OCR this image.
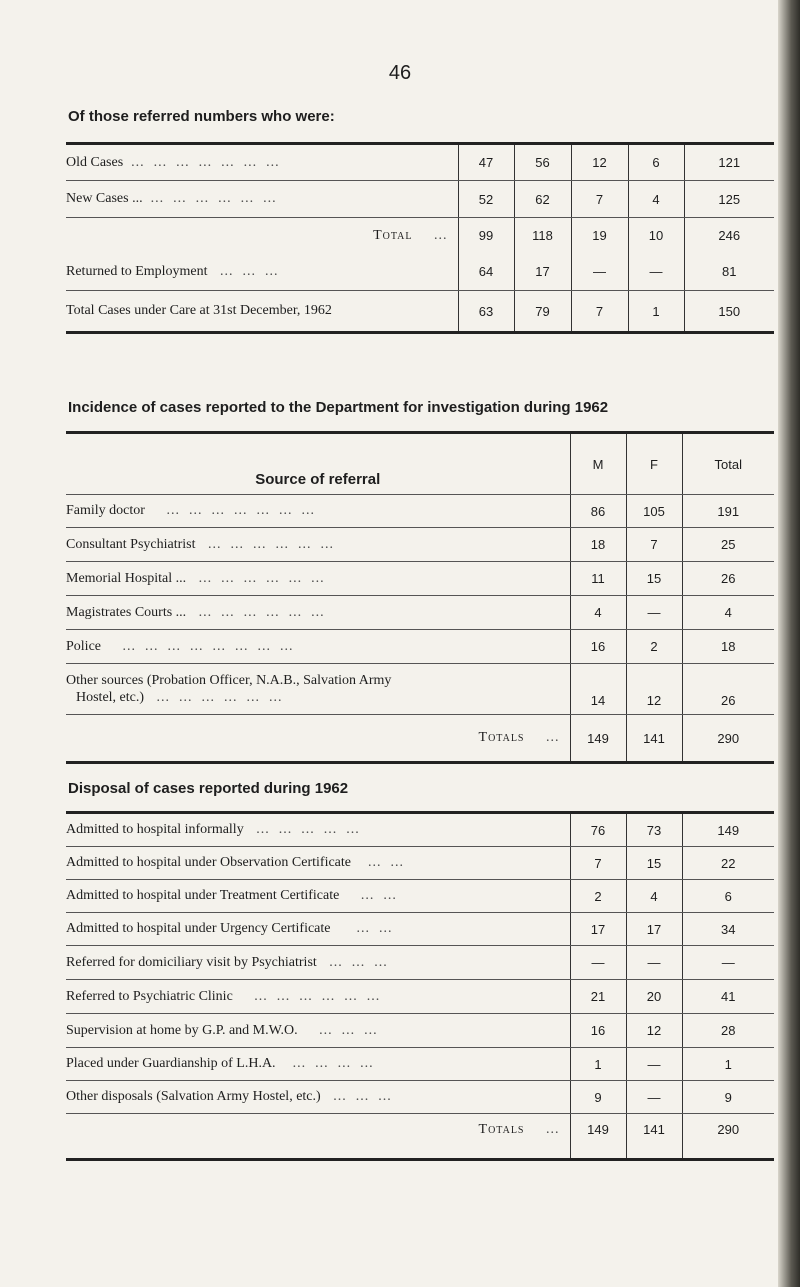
46
Of those referred numbers who were:
Old Cases  ...  ...  ...  ...  ...  ...  ...	47	56	12	6	121
New Cases ...  ...  ...  ...  ...  ...  ...	52	62	7	4	125
Total     ...	99	118	19	10	246
Returned to Employment   ...  ...  ...	64	17	—	—	81
Total Cases under Care at 31st December, 1962	63	79	7	1	150
Incidence of cases reported to the Department for investigation during 1962
Source of referral	M	F	Total
Family doctor     ...  ...  ...  ...  ...  ...  ...	86	105	191
Consultant Psychiatrist   ...  ...  ...  ...  ...  ...	18	7	25
Memorial Hospital ...   ...  ...  ...  ...  ...  ...	11	15	26
Magistrates Courts ...   ...  ...  ...  ...  ...  ...	4	—	4
Police     ...  ...  ...  ...  ...  ...  ...  ...	16	2	18

Other sources (Probation Officer, N.A.B., Salvation Army
Hostel, etc.)   ...  ...  ...  ...  ...  ...	14	12	26
Totals     ...	149	141	290
Disposal of cases reported during 1962
Admitted to hospital informally   ...  ...  ...  ...  ...	76	73	149
Admitted to hospital under Observation Certificate    ...  ...	7	15	22
Admitted to hospital under Treatment Certificate     ...  ...	2	4	6
Admitted to hospital under Urgency Certificate      ...  ...	17	17	34
Referred for domiciliary visit by Psychiatrist   ...  ...  ...	—	—	—
Referred to Psychiatric Clinic     ...  ...  ...  ...  ...  ...	21	20	41
Supervision at home by G.P. and M.W.O.     ...  ...  ...	16	12	28
Placed under Guardianship of L.H.A.    ...  ...  ...  ...	1	—	1
Other disposals (Salvation Army Hostel, etc.)   ...  ...  ...	9	—	9
Totals     ...	149	141	290
